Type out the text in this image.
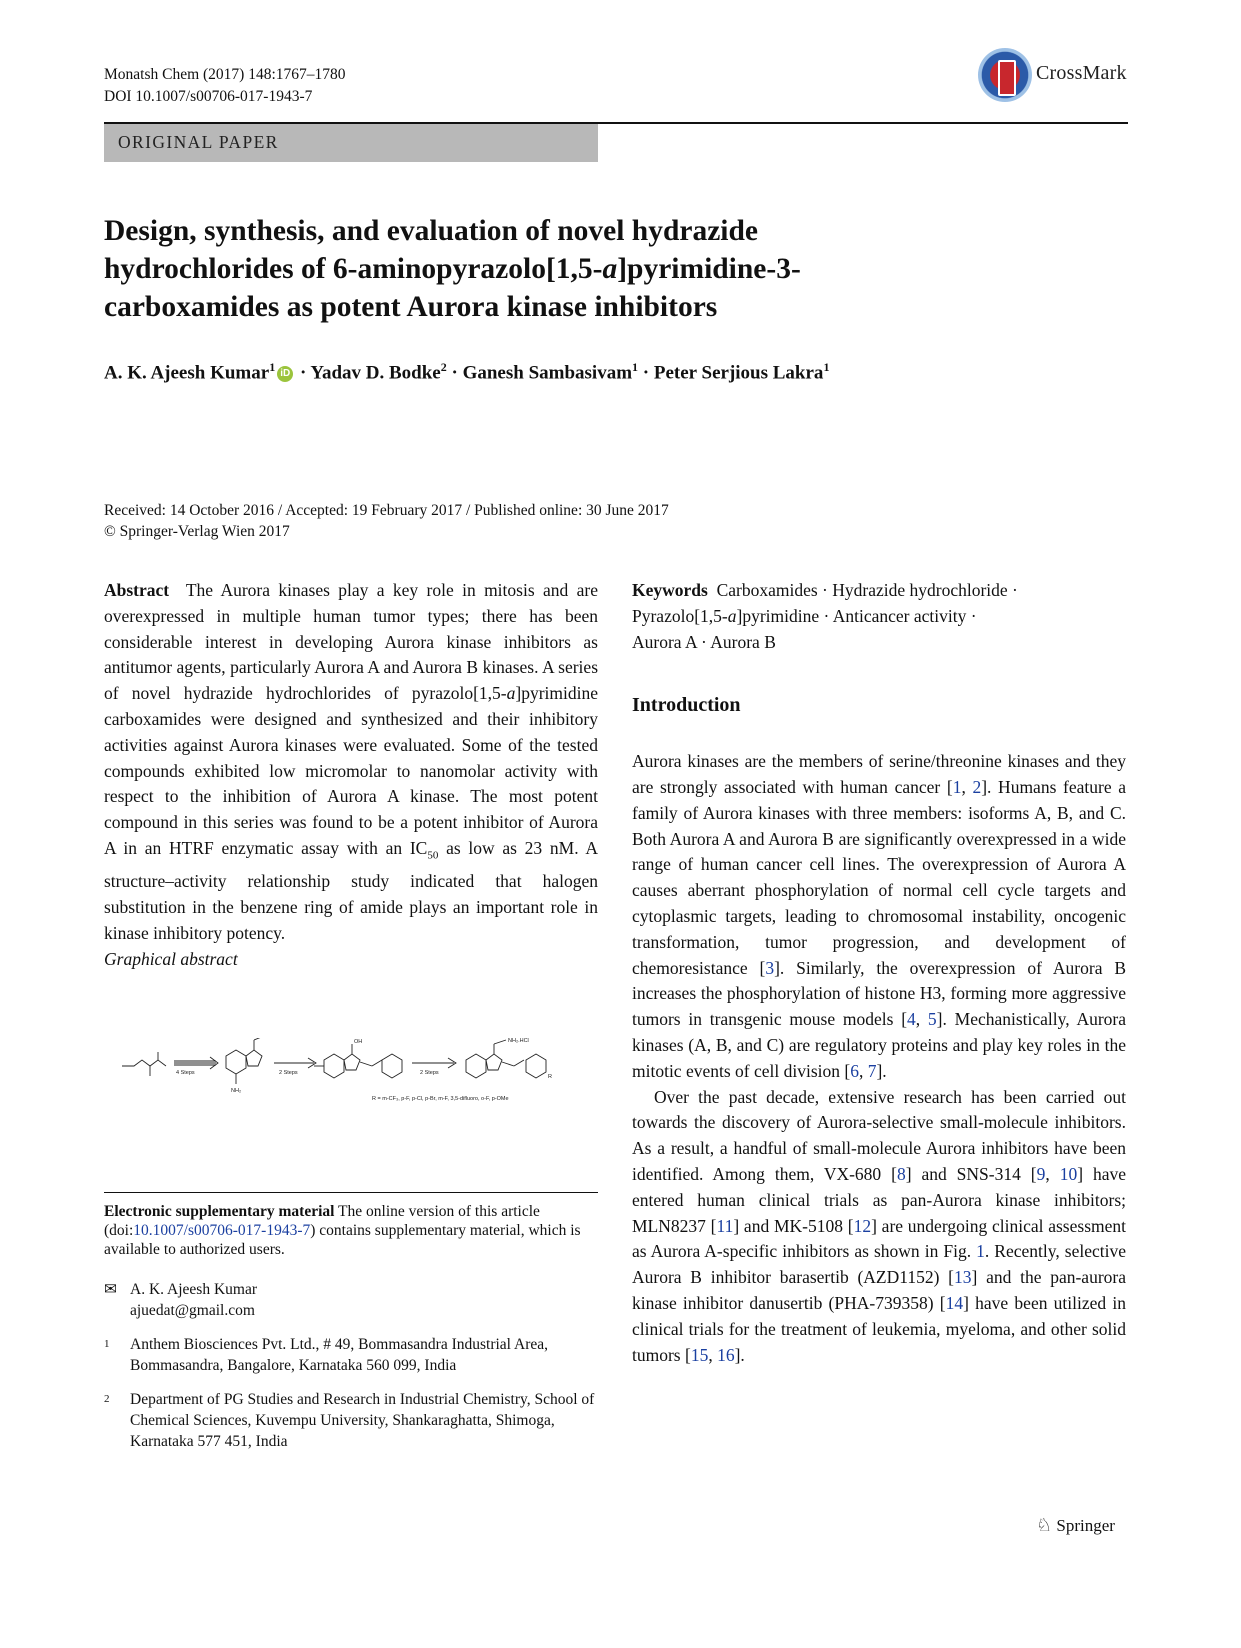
Monatsh Chem (2017) 148:1767–1780
DOI 10.1007/s00706-017-1943-7
CrossMark
ORIGINAL PAPER
Design, synthesis, and evaluation of novel hydrazide
hydrochlorides of 6-aminopyrazolo[1,5-a]pyrimidine-3-
carboxamides as potent Aurora kinase inhibitors
A. K. Ajeesh Kumar$^1$ iD · Yadav D. Bodke$^2$ · Ganesh Sambasivam$^1$ · Peter Serjious Lakra$^1$
Received: 14 October 2016 / Accepted: 19 February 2017 / Published online: 30 June 2017
© Springer-Verlag Wien 2017
Abstract The Aurora kinases play a key role in mitosis and are overexpressed in multiple human tumor types; there has been considerable interest in developing Aurora kinase inhibitors as antitumor agents, particularly Aurora A and Aurora B kinases. A series of novel hydrazide hydrochlorides of pyrazolo[1,5-a]pyrimidine carboxamides were designed and synthesized and their inhibitory activities against Aurora kinases were evaluated. Some of the tested compounds exhibited low micromolar to nanomolar activity with respect to the inhibition of Aurora A kinase. The most potent compound in this series was found to be a potent inhibitor of Aurora A in an HTRF enzymatic assay with an $IC_{50}$ as low as 23 nM. A structure–activity relationship study indicated that halogen substitution in the benzene ring of amide plays an important role in kinase inhibitory potency.
Graphical abstract
4 Steps	2 Steps	2 Steps
OH
NH₂
NH₂.HCl
R
R = m-CF₃, p-F, p-Cl, p-Br, m-F, 3,5-difluoro, o-F, p-OMe
Electronic supplementary material The online version of this article (doi:10.1007/s00706-017-1943-7) contains supplementary material, which is available to authorized users.
✉ A. K. Ajeesh Kumar
ajuedat@gmail.com
1 Anthem Biosciences Pvt. Ltd., # 49, Bommasandra Industrial Area, Bommasandra, Bangalore, Karnataka 560 099, India
2 Department of PG Studies and Research in Industrial Chemistry, School of Chemical Sciences, Kuvempu University, Shankaraghatta, Shimoga, Karnataka 577 451, India
Keywords Carboxamides · Hydrazide hydrochloride ·
Pyrazolo[1,5-a]pyrimidine · Anticancer activity ·
Aurora A · Aurora B
Introduction
Aurora kinases are the members of serine/threonine kinases and they are strongly associated with human cancer [1, 2]. Humans feature a family of Aurora kinases with three members: isoforms A, B, and C. Both Aurora A and Aurora B are significantly overexpressed in a wide range of human cancer cell lines. The overexpression of Aurora A causes aberrant phosphorylation of normal cell cycle targets and cytoplasmic targets, leading to chromosomal instability, oncogenic transformation, tumor progression, and development of chemoresistance [3]. Similarly, the overexpression of Aurora B increases the phosphorylation of histone H3, forming more aggressive tumors in transgenic mouse models [4, 5]. Mechanistically, Aurora kinases (A, B, and C) are regulatory proteins and play key roles in the mitotic events of cell division [6, 7].
Over the past decade, extensive research has been carried out towards the discovery of Aurora-selective small-molecule inhibitors. As a result, a handful of small-molecule Aurora inhibitors have been identified. Among them, VX-680 [8] and SNS-314 [9, 10] have entered human clinical trials as pan-Aurora kinase inhibitors; MLN8237 [11] and MK-5108 [12] are undergoing clinical assessment as Aurora A-specific inhibitors as shown in Fig. 1. Recently, selective Aurora B inhibitor barasertib (AZD1152) [13] and the pan-aurora kinase inhibitor danusertib (PHA-739358) [14] have been utilized in clinical trials for the treatment of leukemia, myeloma, and other solid tumors [15, 16].
♘ Springer
